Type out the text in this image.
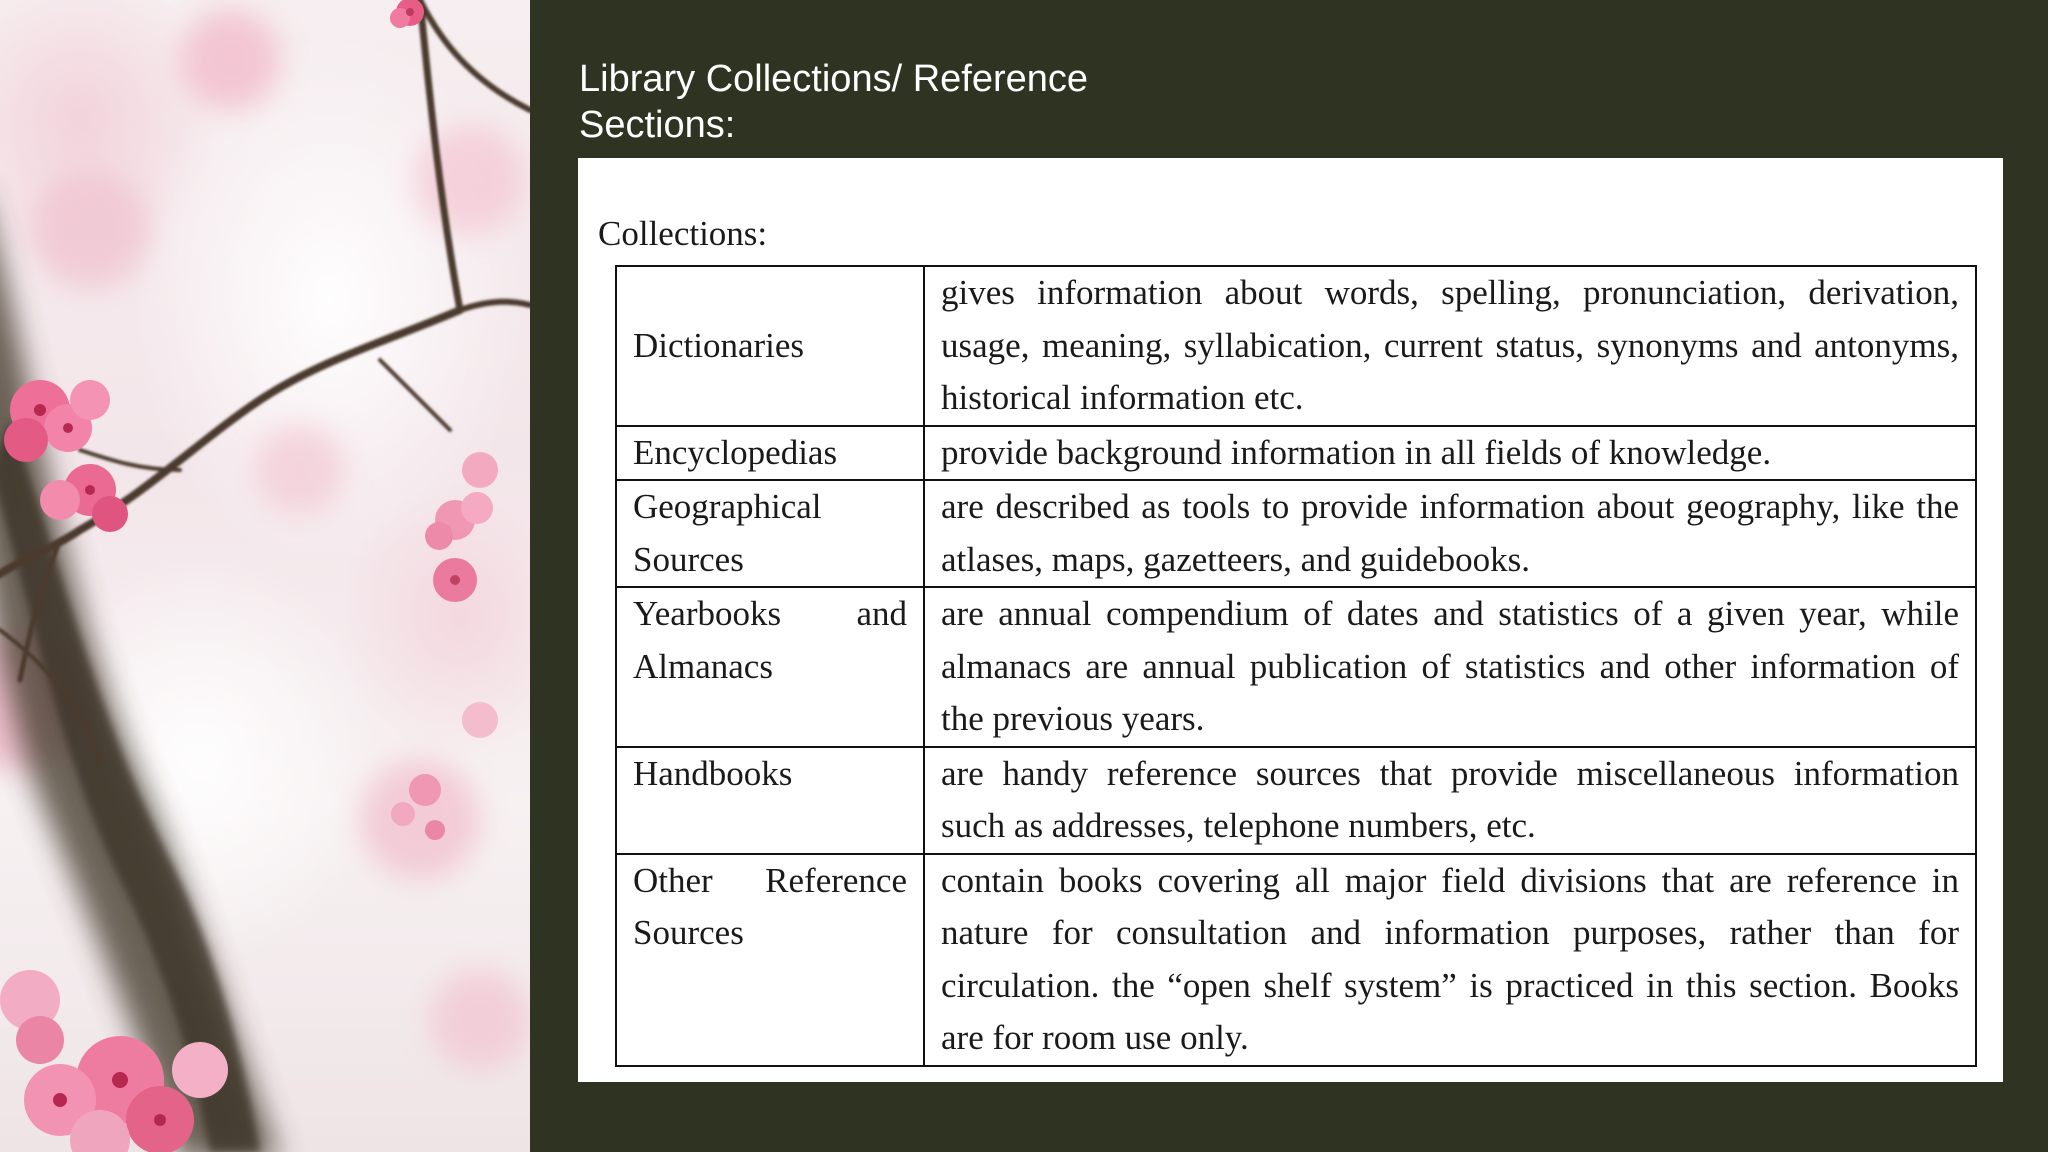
Library Collections/ Reference
Sections:
Collections:
Dictionaries	gives information about words, spelling, pronunciation, derivation, usage, meaning, syllabication, current status, synonyms and antonyms, historical information etc.
Encyclopedias	provide background information in all fields of knowledge.
Geographical Sources	are described as tools to provide information about geography, like the atlases, maps, gazetteers, and guidebooks.
Yearbooks and Almanacs	are annual compendium of dates and statistics of a given year, while almanacs are annual publication of statistics and other information of the previous years.
Handbooks	are handy reference sources that provide miscellaneous information such as addresses, telephone numbers, etc.
Other Reference Sources	contain books covering all major field divisions that are reference in nature for consultation and information purposes, rather than for circulation. the “open shelf system” is practiced in this section. Books are for room use only.
